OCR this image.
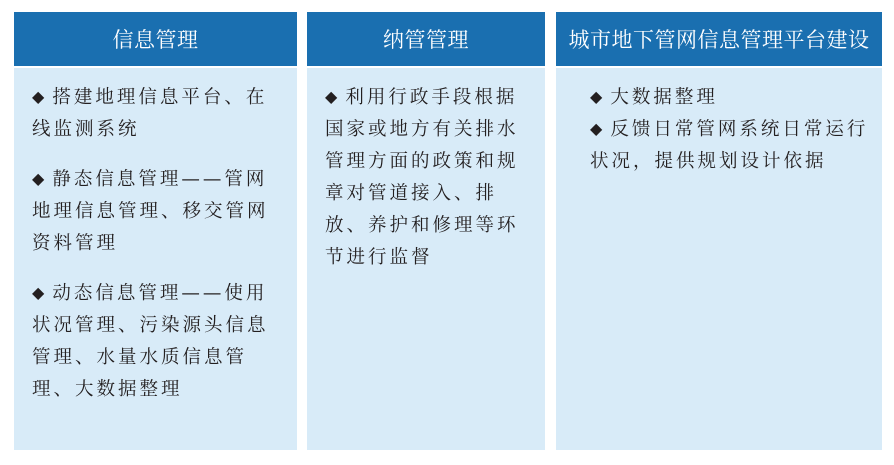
信息管理

◆ 搭建地理信息平台、在线监测系统

◆ 静态信息管理——管网地理信息管理、移交管网资料管理

◆ 动态信息管理——使用状况管理、污染源头信息管理、水量水质信息管理、大数据整理

纳管管理

◆ 利用行政手段根据国家或地方有关排水管理方面的政策和规章对管道接入、排放、养护和修理等环节进行监督

城市地下管网信息管理平台建设

◆ 大数据整理

◆ 反馈日常管网系统日常运行状况，提供规划设计依据
